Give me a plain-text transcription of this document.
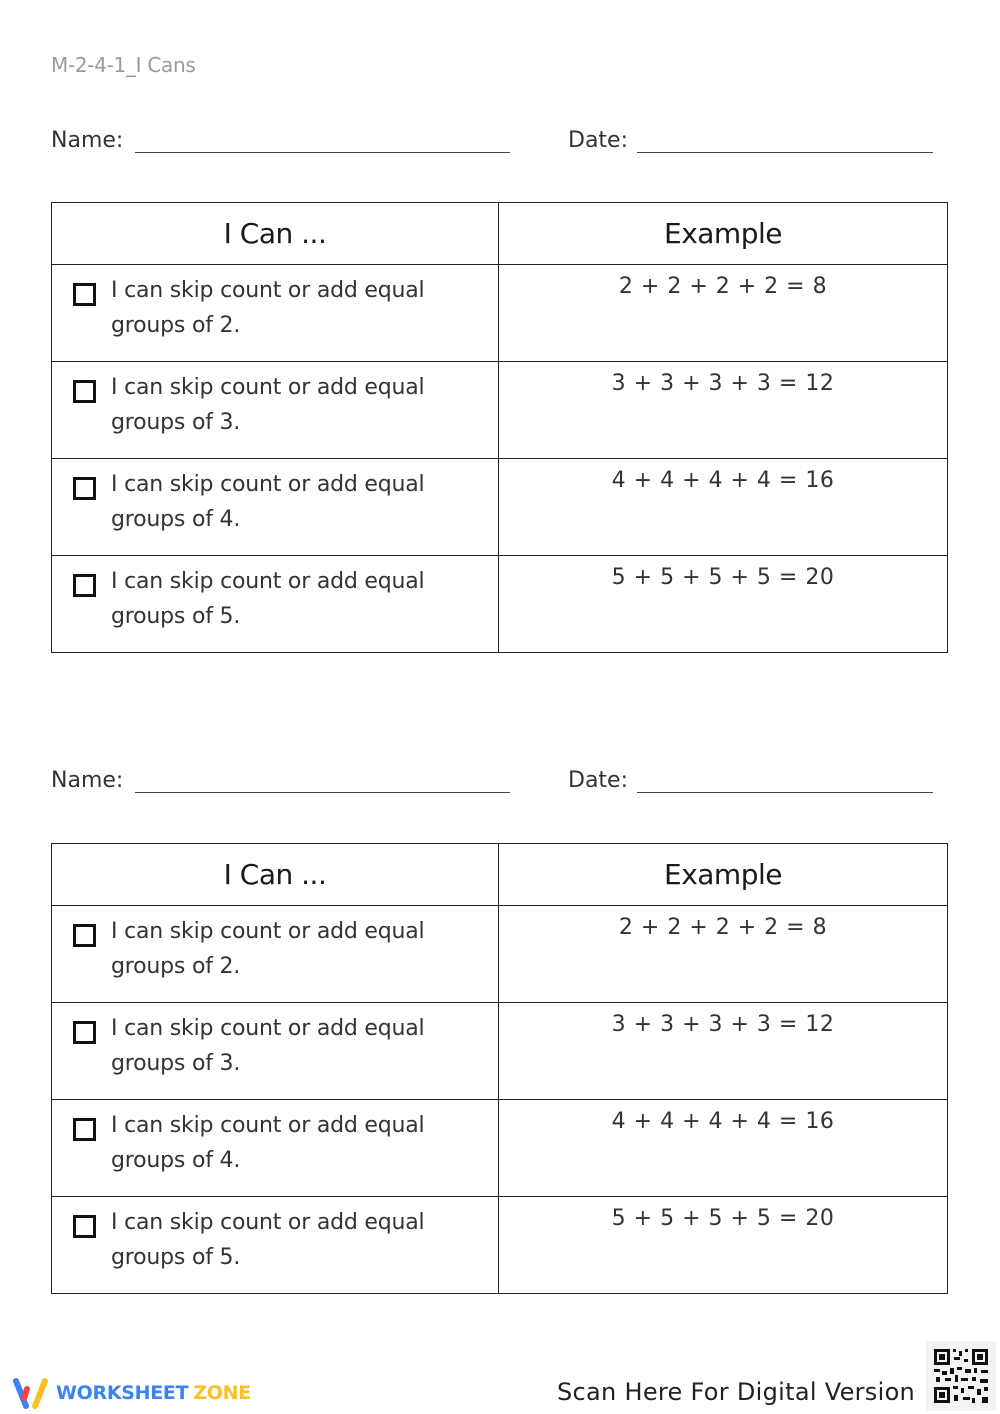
M-2-4-1_I Cans
Name:	Date:
I Can ...	Example

I can skip count or add equal groups of 2.	2 + 2 + 2 + 2 = 8

I can skip count or add equal groups of 3.	3 + 3 + 3 + 3 = 12

I can skip count or add equal groups of 4.	4 + 4 + 4 + 4 = 16

I can skip count or add equal groups of 5.	5 + 5 + 5 + 5 = 20
Name:	Date:
I Can ...	Example

I can skip count or add equal groups of 2.	2 + 2 + 2 + 2 = 8

I can skip count or add equal groups of 3.	3 + 3 + 3 + 3 = 12

I can skip count or add equal groups of 4.	4 + 4 + 4 + 4 = 16

I can skip count or add equal groups of 5.	5 + 5 + 5 + 5 = 20
WORKSHEET ZONE	Scan Here For Digital Version
